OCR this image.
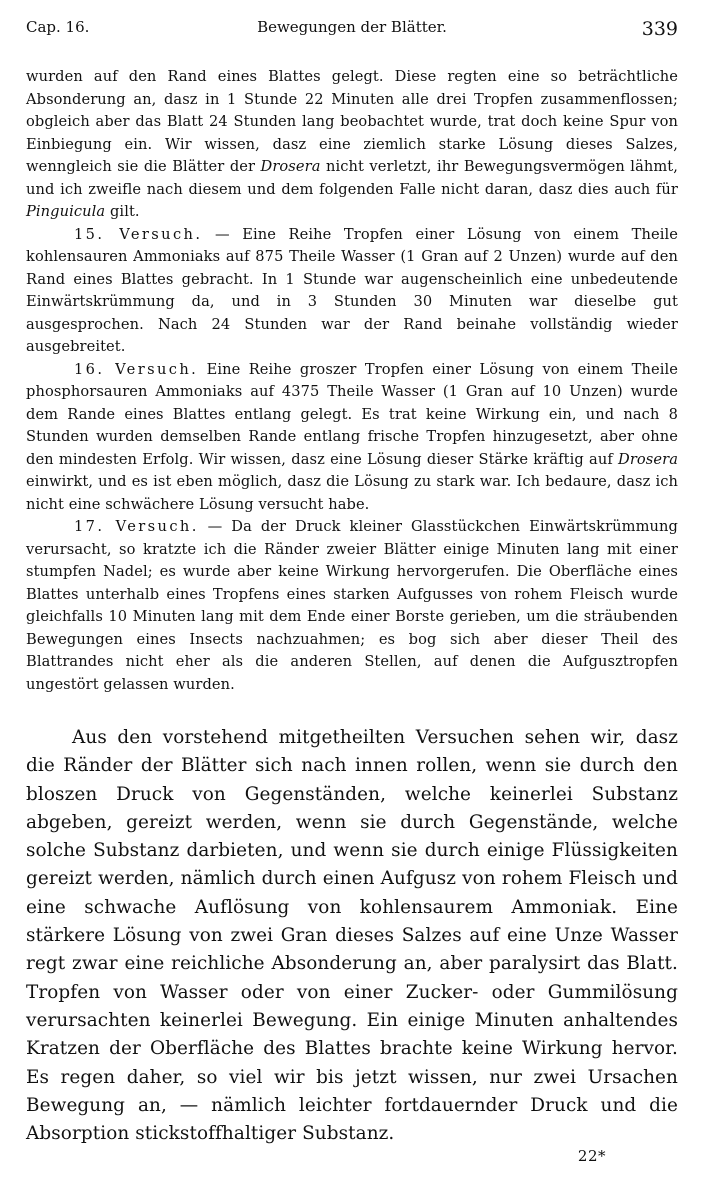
Cap. 16.	Bewegungen der Blätter.	339

wurden auf den Rand eines Blattes gelegt. Diese regten eine so beträchtliche Absonderung an, dasz in 1 Stunde 22 Minuten alle drei Tropfen zusammenflossen; obgleich aber das Blatt 24 Stunden lang beobachtet wurde, trat doch keine Spur von Einbiegung ein. Wir wissen, dasz eine ziemlich starke Lösung dieses Salzes, wenngleich sie die Blätter der Drosera nicht verletzt, ihr Bewegungsvermögen lähmt, und ich zweifle nach diesem und dem folgenden Falle nicht daran, dasz dies auch für Pinguicula gilt.

15. Versuch. — Eine Reihe Tropfen einer Lösung von einem Theile kohlensauren Ammoniaks auf 875 Theile Wasser (1 Gran auf 2 Unzen) wurde auf den Rand eines Blattes gebracht. In 1 Stunde war augenscheinlich eine unbedeutende Einwärtskrümmung da, und in 3 Stunden 30 Minuten war dieselbe gut ausgesprochen. Nach 24 Stunden war der Rand beinahe vollständig wieder ausgebreitet.

16. Versuch. Eine Reihe groszer Tropfen einer Lösung von einem Theile phosphorsauren Ammoniaks auf 4375 Theile Wasser (1 Gran auf 10 Unzen) wurde dem Rande eines Blattes entlang gelegt. Es trat keine Wirkung ein, und nach 8 Stunden wurden demselben Rande entlang frische Tropfen hinzugesetzt, aber ohne den mindesten Erfolg. Wir wissen, dasz eine Lösung dieser Stärke kräftig auf Drosera einwirkt, und es ist eben möglich, dasz die Lösung zu stark war. Ich bedaure, dasz ich nicht eine schwächere Lösung versucht habe.

17. Versuch. — Da der Druck kleiner Glasstückchen Einwärtskrümmung verursacht, so kratzte ich die Ränder zweier Blätter einige Minuten lang mit einer stumpfen Nadel; es wurde aber keine Wirkung hervorgerufen. Die Oberfläche eines Blattes unterhalb eines Tropfens eines starken Aufgusses von rohem Fleisch wurde gleichfalls 10 Minuten lang mit dem Ende einer Borste gerieben, um die sträubenden Bewegungen eines Insects nachzuahmen; es bog sich aber dieser Theil des Blattrandes nicht eher als die anderen Stellen, auf denen die Aufgusztropfen ungestört gelassen wurden.

Aus den vorstehend mitgetheilten Versuchen sehen wir, dasz die Ränder der Blätter sich nach innen rollen, wenn sie durch den bloszen Druck von Gegenständen, welche keinerlei Substanz abgeben, gereizt werden, wenn sie durch Gegenstände, welche solche Substanz darbieten, und wenn sie durch einige Flüssigkeiten gereizt werden, nämlich durch einen Aufgusz von rohem Fleisch und eine schwache Auflösung von kohlensaurem Ammoniak. Eine stärkere Lösung von zwei Gran dieses Salzes auf eine Unze Wasser regt zwar eine reichliche Absonderung an, aber paralysirt das Blatt. Tropfen von Wasser oder von einer Zucker- oder Gummilösung verursachten keinerlei Bewegung. Ein einige Minuten anhaltendes Kratzen der Oberfläche des Blattes brachte keine Wirkung hervor. Es regen daher, so viel wir bis jetzt wissen, nur zwei Ursachen Bewegung an, — nämlich leichter fortdauernder Druck und die Absorption stickstoffhaltiger Substanz.

22*
